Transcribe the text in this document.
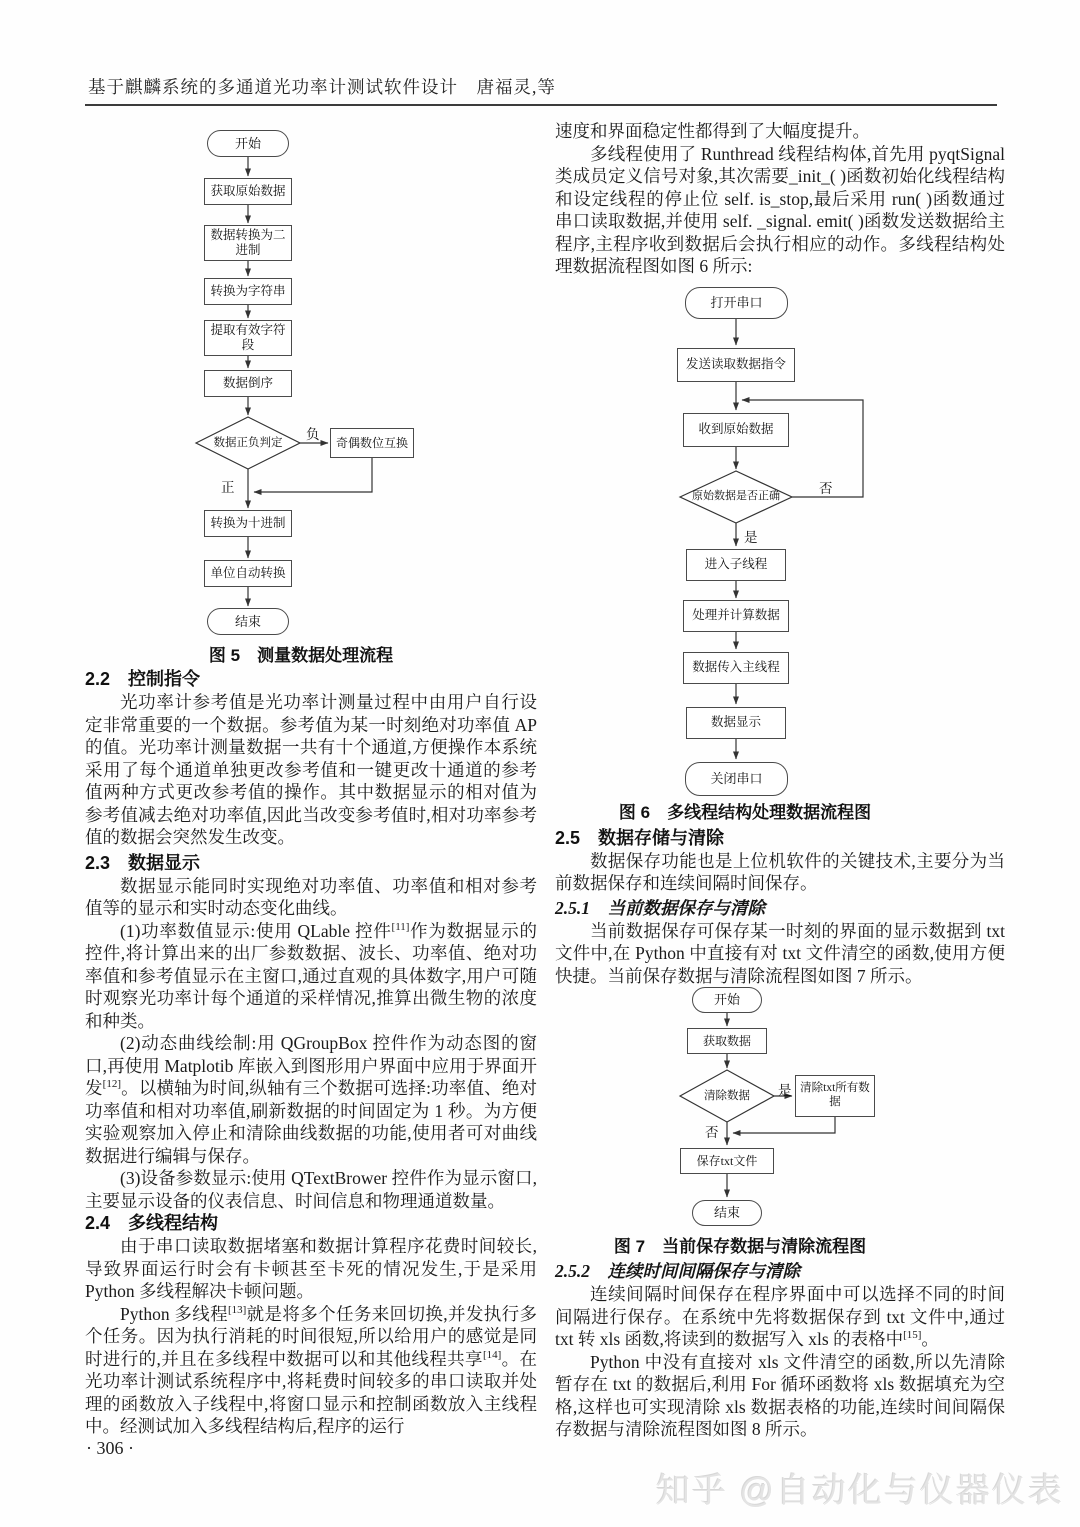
基于麒麟系统的多通道光功率计测试软件设计　唐福灵,等
开始
获取原始数据
数据转换为二进制
转换为字符串
提取有效字符段
数据倒序
数据正负判定
负
正
奇偶数位互换
转换为十进制
单位自动转换
结束
图 5　测量数据处理流程
2.2　控制指令

光功率计参考值是光功率计测量过程中由用户自行设定非常重要的一个数据。参考值为某一时刻绝对功率值 AP 的值。光功率计测量数据一共有十个通道,方便操作本系统采用了每个通道单独更改参考值和一键更改十通道的参考值两种方式更改参考值的操作。其中数据显示的相对值为参考值减去绝对功率值,因此当改变参考值时,相对功率参考值的数据会突然发生改变。

2.3　数据显示

数据显示能同时实现绝对功率值、功率值和相对参考值等的显示和实时动态变化曲线。

(1)功率数值显示:使用 QLable 控件[11]作为数据显示的控件,将计算出来的出厂参数数据、波长、功率值、绝对功率值和参考值显示在主窗口,通过直观的具体数字,用户可随时观察光功率计每个通道的采样情况,推算出微生物的浓度和种类。

(2)动态曲线绘制:用 QGroupBox 控件作为动态图的窗口,再使用 Matplotib 库嵌入到图形用户界面中应用于界面开发[12]。以横轴为时间,纵轴有三个数据可选择:功率值、绝对功率值和相对功率值,刷新数据的时间固定为 1 秒。为方便实验观察加入停止和清除曲线数据的功能,使用者可对曲线数据进行编辑与保存。

(3)设备参数显示:使用 QTextBrower 控件作为显示窗口,主要显示设备的仪表信息、时间信息和物理通道数量。

2.4　多线程结构

由于串口读取数据堵塞和数据计算程序花费时间较长,导致界面运行时会有卡顿甚至卡死的情况发生,于是采用 Python 多线程解决卡顿问题。

Python 多线程[13]就是将多个任务来回切换,并发执行多个任务。因为执行消耗的时间很短,所以给用户的感觉是同时进行的,并且在多线程中数据可以和其他线程共享[14]。在光功率计测试系统程序中,将耗费时间较多的串口读取并处理的函数放入子线程中,将窗口显示和控制函数放入主线程中。经测试加入多线程结构后,程序的运行

速度和界面稳定性都得到了大幅度提升。

多线程使用了 Runthread 线程结构体,首先用 pyqtSignal 类成员定义信号对象,其次需要_init_( )函数初始化线程结构和设定线程的停止位 self. is_stop,最后采用 run( )函数通过串口读取数据,并使用 self. _signal. emit( )函数发送数据给主程序,主程序收到数据后会执行相应的动作。多线程结构处理数据流程图如图 6 所示:

打开串口
发送读取数据指令
收到原始数据
原始数据是否正确
否
是
进入子线程
处理并计算数据
数据传入主线程
数据显示
关闭串口
图 6　多线程结构处理数据流程图
2.5　数据存储与清除

数据保存功能也是上位机软件的关键技术,主要分为当前数据保存和连续间隔时间保存。

2.5.1　当前数据保存与清除

当前数据保存可保存某一时刻的界面的显示数据到 txt 文件中,在 Python 中直接有对 txt 文件清空的函数,使用方便快捷。当前保存数据与清除流程图如图 7 所示。

开始
获取数据
清除数据	是 清除txt所有数据
否
保存txt文件
结束
图 7　当前保存数据与清除流程图
2.5.2　连续时间间隔保存与清除

连续间隔时间保存在程序界面中可以选择不同的时间间隔进行保存。在系统中先将数据保存到 txt 文件中,通过 txt 转 xls 函数,将读到的数据写入 xls 的表格中[15]。

Python 中没有直接对 xls 文件清空的函数,所以先清除暂存在 txt 的数据后,利用 For 循环函数将 xls 数据填充为空格,这样也可实现清除 xls 数据表格的功能,连续时间间隔保存数据与清除流程图如图 8 所示。

· 306 ·
知乎 @自动化与仪器仪表
